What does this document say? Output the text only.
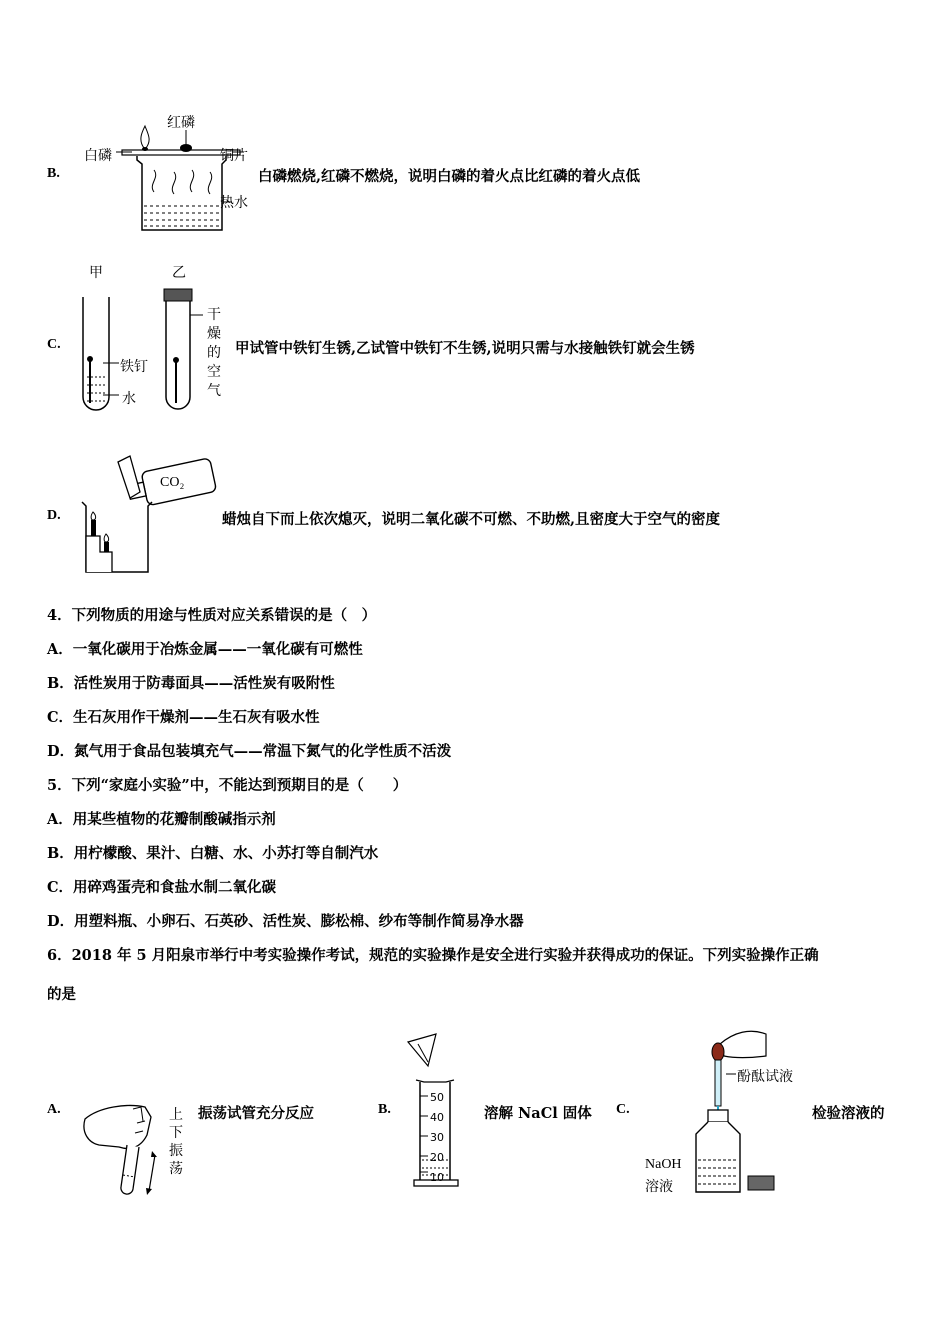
B.
红磷
白磷	铜片
热水
白磷燃烧,红磷不燃烧，说明白磷的着火点比红磷的着火点低
C.
甲	乙
铁钉
水
干燥的空气
甲试管中铁钉生锈,乙试管中铁钉不生锈,说明只需与水接触铁钉就会生锈
D.
CO₂
蜡烛自下而上依次熄灭，说明二氧化碳不可燃、不助燃,且密度大于空气的密度
4．下列物质的用途与性质对应关系错误的是（　）
A．一氧化碳用于冶炼金属——一氧化碳有可燃性
B．活性炭用于防毒面具——活性炭有吸附性
C．生石灰用作干燥剂——生石灰有吸水性
D．氮气用于食品包装填充气——常温下氮气的化学性质不活泼
5．下列“家庭小实验”中，不能达到预期目的是（　　）
A．用某些植物的花瓣制酸碱指示剂
B．用柠檬酸、果汁、白糖、水、小苏打等自制汽水
C．用碎鸡蛋壳和食盐水制二氧化碳
D．用塑料瓶、小卵石、石英砂、活性炭、膨松棉、纱布等制作简易净水器
6．2018 年 5 月阳泉市举行中考实验操作考试，规范的实验操作是安全进行实验并获得成功的保证。下列实验操作正确
的是
A.	上下振荡
振荡试管充分反应	B.
50
40
30
20
10
溶解 NaCl 固体 C.
酚酞试液
NaOH
溶液
检验溶液的
